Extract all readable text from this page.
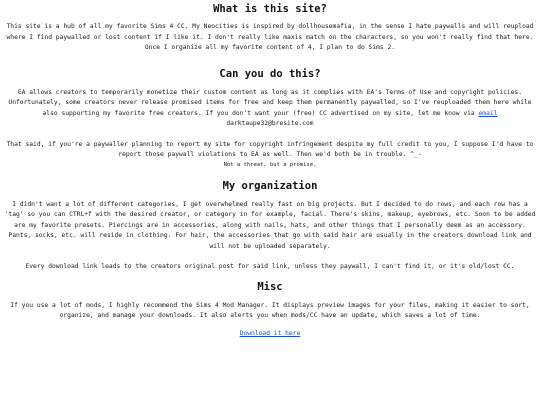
What is this site?

This site is a hub of all my favorite Sims 4 CC. My Neocities is inspired by dollhousemafia, in the sense I hate paywalls and will reupload where I find paywalled or lost content if I like it. I don't really like maxis match on the characters, so you won't really find that here. Once I organize all my favorite content of 4, I plan to do Sims 2.

Can you do this?

EA allows creators to temporarily monetize their custom content as long as it complies with EA's Terms of Use and copyright policies. Unfortunately, some creators never release promised items for free and keep them permanently paywalled, so I've reuploaded them here while also supporting my favorite free creators. If you don't want your (free) CC advertised on my site, let me know via email darktaupe32@bresite.com

That said, if you're a paywaller planning to report my site for copyright infringement despite my full credit to you, I suppose I'd have to report those paywall violations to EA as well. Then we'd both be in trouble. ^_-

Not a threat, but a promise.

My organization

I didn't want a lot of different categories, I get overwhelmed really fast on big projects. But I decided to do rows, and each row has a 'tag' so you can CTRL+f with the desired creator, or category in for example, facial. There's skins, makeup, eyebrows, etc. Soon to be added are my favorite presets. Piercings are in accessories, along with nails, hats, and other things that I personally deem as an accessory. Pants, socks, etc. will reside in clothing. For hair, the accessories that go with said hair are usually in the creators download link and will not be uploaded separately.

Every download link leads to the creators original post for said link, unless they paywall, I can't find it, or it's old/lost CC.

Misc

If you use a lot of mods, I highly recommend the Sims 4 Mod Manager. It displays preview images for your files, making it easier to sort, organize, and manage your downloads. It also alerts you when mods/CC have an update, which saves a lot of time.

Download it here
